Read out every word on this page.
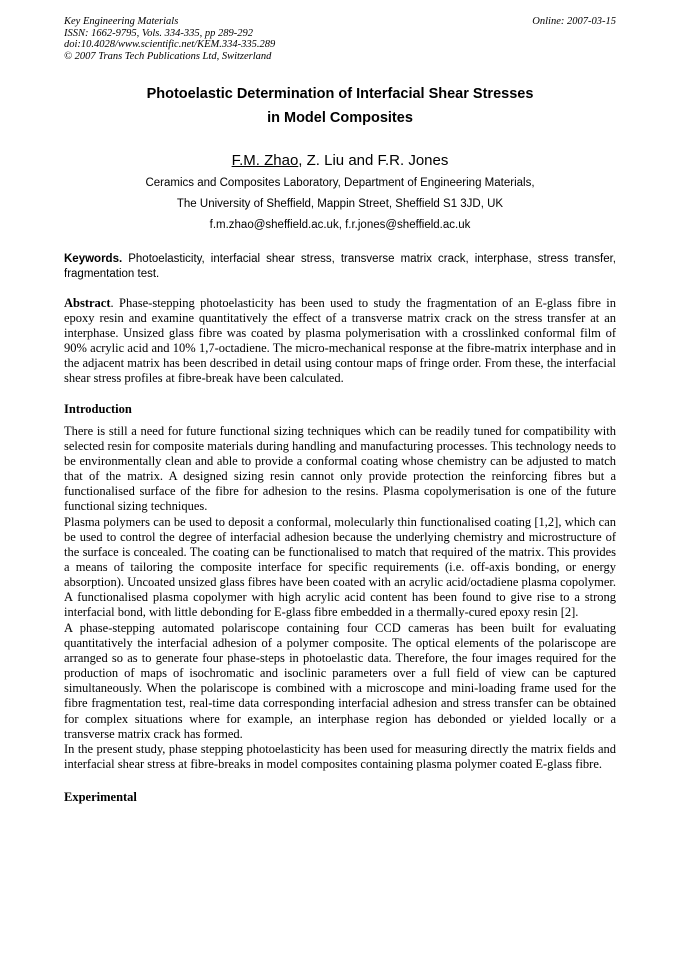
Key Engineering Materials
ISSN: 1662-9795, Vols. 334-335, pp 289-292
doi:10.4028/www.scientific.net/KEM.334-335.289
© 2007 Trans Tech Publications Ltd, Switzerland
Online: 2007-03-15
Photoelastic Determination of Interfacial Shear Stresses
in Model Composites
F.M. Zhao, Z. Liu and F.R. Jones
Ceramics and Composites Laboratory, Department of Engineering Materials,
The University of Sheffield, Mappin Street, Sheffield S1 3JD, UK
f.m.zhao@sheffield.ac.uk, f.r.jones@sheffield.ac.uk
Keywords. Photoelasticity, interfacial shear stress, transverse matrix crack, interphase, stress transfer, fragmentation test.
Abstract. Phase-stepping photoelasticity has been used to study the fragmentation of an E-glass fibre in epoxy resin and examine quantitatively the effect of a transverse matrix crack on the stress transfer at an interphase. Unsized glass fibre was coated by plasma polymerisation with a crosslinked conformal film of 90% acrylic acid and 10% 1,7-octadiene. The micro-mechanical response at the fibre-matrix interphase and in the adjacent matrix has been described in detail using contour maps of fringe order. From these, the interfacial shear stress profiles at fibre-break have been calculated.
Introduction

There is still a need for future functional sizing techniques which can be readily tuned for compatibility with selected resin for composite materials during handling and manufacturing processes. This technology needs to be environmentally clean and able to provide a conformal coating whose chemistry can be adjusted to match that of the matrix. A designed sizing resin cannot only provide protection the reinforcing fibres but a functionalised surface of the fibre for adhesion to the resins. Plasma copolymerisation is one of the future functional sizing techniques.

Plasma polymers can be used to deposit a conformal, molecularly thin functionalised coating [1,2], which can be used to control the degree of interfacial adhesion because the underlying chemistry and microstructure of the surface is concealed. The coating can be functionalised to match that required of the matrix. This provides a means of tailoring the composite interface for specific requirements (i.e. off-axis bonding, or energy absorption). Uncoated unsized glass fibres have been coated with an acrylic acid/octadiene plasma copolymer. A functionalised plasma copolymer with high acrylic acid content has been found to give rise to a strong interfacial bond, with little debonding for E-glass fibre embedded in a thermally-cured epoxy resin [2].

A phase-stepping automated polariscope containing four CCD cameras has been built for evaluating quantitatively the interfacial adhesion of a polymer composite. The optical elements of the polariscope are arranged so as to generate four phase-steps in photoelastic data. Therefore, the four images required for the production of maps of isochromatic and isoclinic parameters over a full field of view can be captured simultaneously. When the polariscope is combined with a microscope and mini-loading frame used for the fibre fragmentation test, real-time data corresponding interfacial adhesion and stress transfer can be obtained for complex situations where for example, an interphase region has debonded or yielded locally or a transverse matrix crack has formed.

In the present study, phase stepping photoelasticity has been used for measuring directly the matrix fields and interfacial shear stress at fibre-breaks in model composites containing plasma polymer coated E-glass fibre.

Experimental
